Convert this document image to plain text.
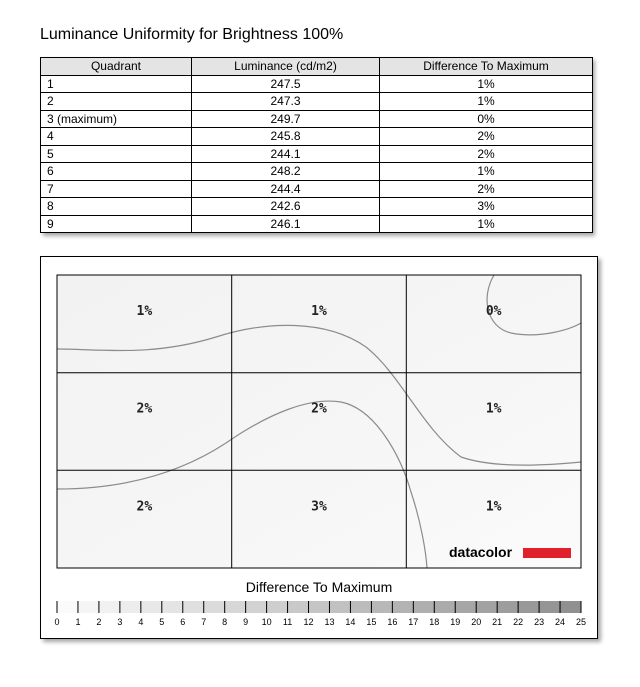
Luminance Uniformity for Brightness 100%
Quadrant	Luminance (cd/m2)	Difference To Maximum
1	247.5	1%
2	247.3	1%
3 (maximum)	249.7	0%
4	245.8	2%
5	244.1	2%
6	248.2	1%
7	244.4	2%
8	242.6	3%
9	246.1	1%
1%	1%	0%
2%	2%	1%
2%	3%	1%
datacolor
0 1 2 3 4 5 6 7 8 9 10 11 12 13 14 15 16 17 18 19 20 21 22 23 24 25
Difference To Maximum
